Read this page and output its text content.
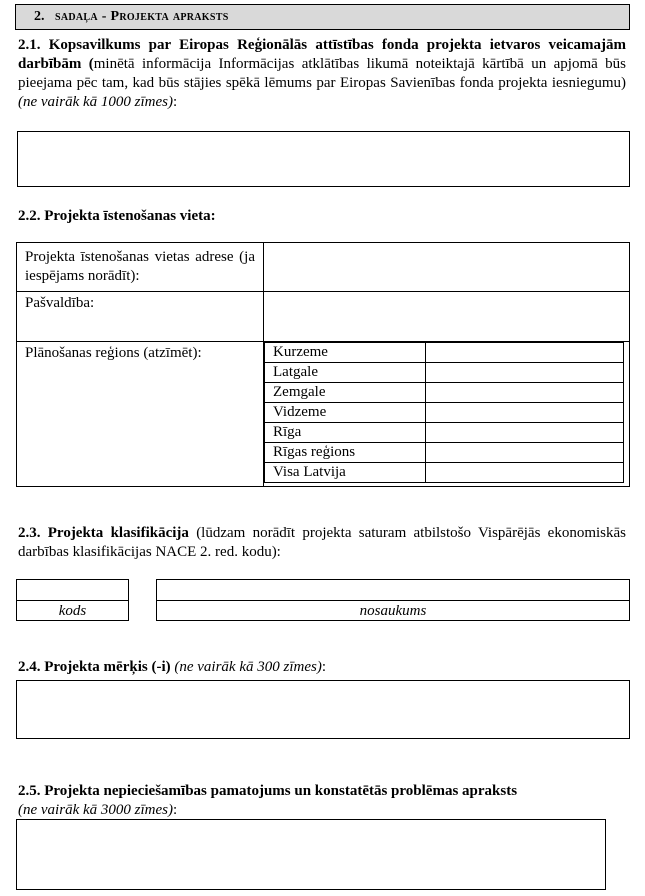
2. sadaļa - Projekta apraksts
2.1. Kopsavilkums par Eiropas Reģionālās attīstības fonda projekta ietvaros veicamajām darbībām (minētā informācija Informācijas atklātības likumā noteiktajā kārtībā un apjomā būs pieejama pēc tam, kad būs stājies spēkā lēmums par Eiropas Savienības fonda projekta iesniegumu) (ne vairāk kā 1000 zīmes):
2.2. Projekta īstenošanas vieta:
Projekta īstenošanas vietas adrese (ja iespējams norādīt):	
Pašvaldība:	
Plānošanas reģions (atzīmēt):		Kurzeme	
Latgale	
Zemgale	
Vidzeme	
Rīga	
Rīgas reģions	
Visa Latvija	
2.3. Projekta klasifikācija (lūdzam norādīt projekta saturam atbilstošo Vispārējās ekonomiskās darbības klasifikācijas NACE 2. red. kodu):
kods	nosaukums
2.4. Projekta mērķis (-i) (ne vairāk kā 300 zīmes):
2.5. Projekta nepieciešamības pamatojums un konstatētās problēmas apraksts
(ne vairāk kā 3000 zīmes):
